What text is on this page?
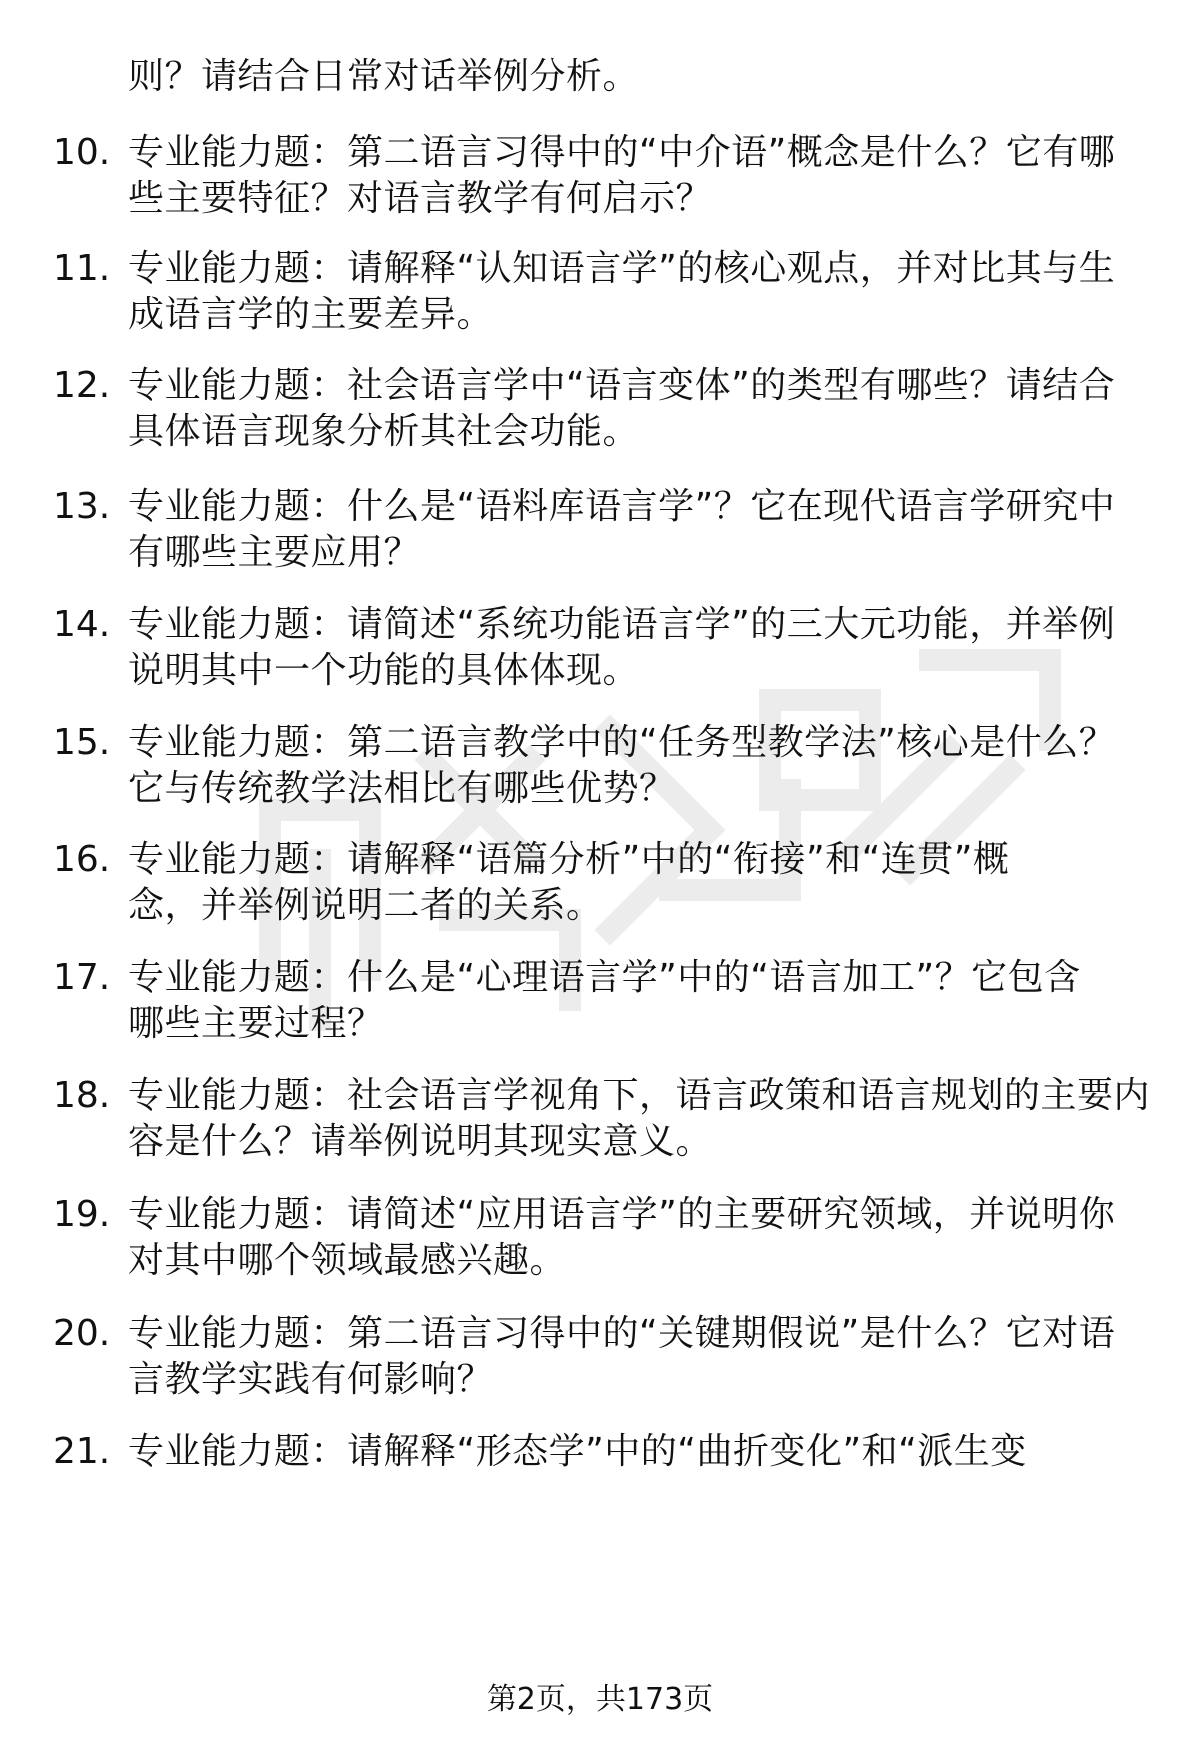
则？请结合日常对话举例分析。
10. 专业能力题：第二语言习得中的“中介语”概念是什么？它有哪
些主要特征？对语言教学有何启示？
11. 专业能力题：请解释“认知语言学”的核心观点，并对比其与生
成语言学的主要差异。
12. 专业能力题：社会语言学中“语言变体”的类型有哪些？请结合
具体语言现象分析其社会功能。
13. 专业能力题：什么是“语料库语言学”？它在现代语言学研究中
有哪些主要应用？
14. 专业能力题：请简述“系统功能语言学”的三大元功能，并举例
说明其中一个功能的具体体现。
15. 专业能力题：第二语言教学中的“任务型教学法”核心是什么？
它与传统教学法相比有哪些优势？
16. 专业能力题：请解释“语篇分析”中的“衔接”和“连贯”概
念，并举例说明二者的关系。
17. 专业能力题：什么是“心理语言学”中的“语言加工”？它包含
哪些主要过程？
18. 专业能力题：社会语言学视角下，语言政策和语言规划的主要内
容是什么？请举例说明其现实意义。
19. 专业能力题：请简述“应用语言学”的主要研究领域，并说明你
对其中哪个领域最感兴趣。
20. 专业能力题：第二语言习得中的“关键期假说”是什么？它对语
言教学实践有何影响？
21. 专业能力题：请解释“形态学”中的“曲折变化”和“派生变
第2页，共173页
